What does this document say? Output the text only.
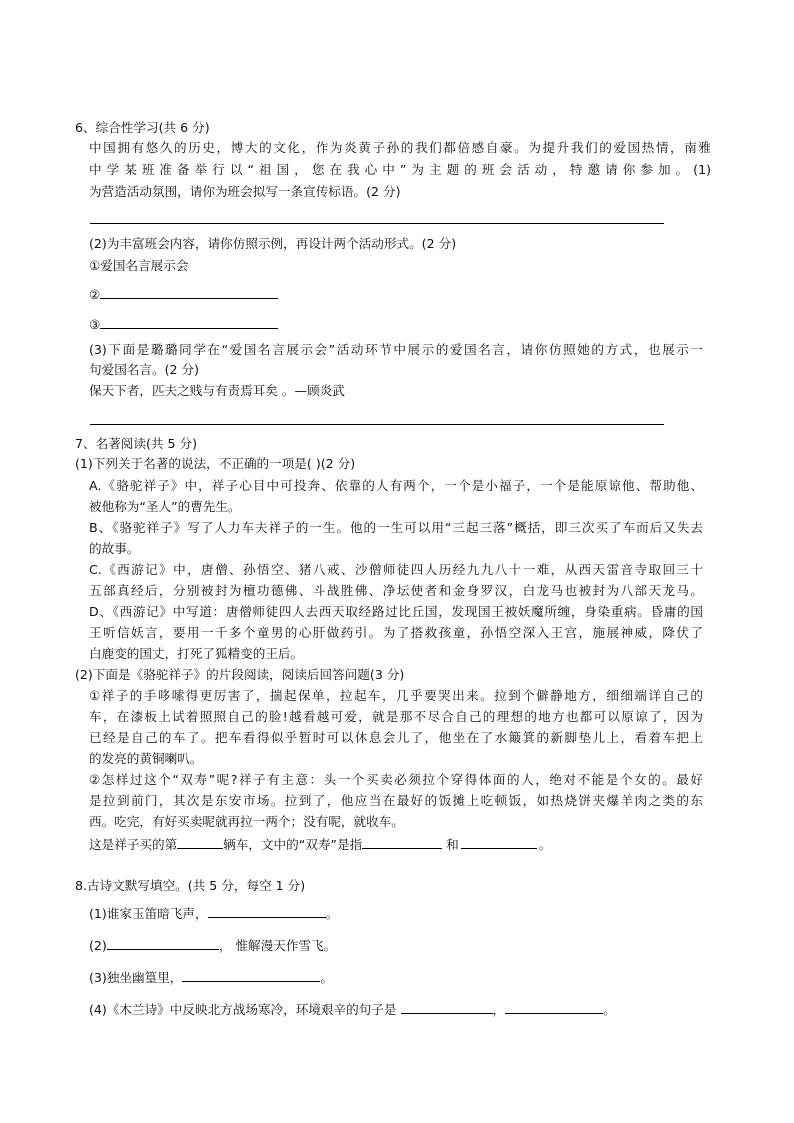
6、综合性学习(共 6 分)
中国拥有悠久的历史，博大的文化，作为炎黄子孙的我们都倍感自豪。为提升我们的爱国热情，南雅
中学某班准备举行以“祖国，您在我心中”为主题的班会活动，特邀请你参加。(1)
为营造活动氛围，请你为班会拟写一条宣传标语。(2 分)
(2)为丰富班会内容，请你仿照示例，再设计两个活动形式。(2 分)
①爱国名言展示会
②
③
(3)下面是璐璐同学在“爱国名言展示会”活动环节中展示的爱国名言，请你仿照她的方式，也展示一
句爱国名言。(2 分)
保天下者，匹夫之贱与有责焉耳矣 。—顾炎武
7、名著阅读(共 5 分)
(1)下列关于名著的说法，不正确的一项是( )(2 分)
A.《骆驼祥子》中，祥子心目中可投奔、依靠的人有两个，一个是小福子，一个是能原谅他、帮助他、
被他称为“圣人”的曹先生。
B、《骆驼祥子》写了人力车夫祥子的一生。他的一生可以用“三起三落”概括，即三次买了车而后又失去
的故事。
C.《西游记》中，唐僧、孙悟空、猪八戒、沙僧师徒四人历经九九八十一难，从西天雷音寺取回三十
五部真经后，分别被封为檀功德佛、斗战胜佛、净坛使者和金身罗汉，白龙马也被封为八部天龙马。
D、《西游记》中写道：唐僧师徒四人去西天取经路过比丘国，发现国王被妖魔所缠，身染重病。昏庸的国
王听信妖言，要用一千多个童男的心肝做药引。为了搭救孩童，孙悟空深入王宫，施展神威，降伏了
白鹿变的国丈，打死了狐精变的王后。
(2)下面是《骆驼祥子》的片段阅读，阅读后回答问题(3 分)
①祥子的手哆嗦得更厉害了，揣起保单，拉起车，几乎要哭出来。拉到个僻静地方，细细端详自己的
车，在漆板上试着照照自己的脸!越看越可爱，就是那不尽合自己的理想的地方也都可以原谅了，因为
已经是自己的车了。把车看得似乎暂时可以休息会儿了，他坐在了水簸箕的新脚垫儿上，看着车把上
的发亮的黄铜喇叭。
②怎样过这个“双寿”呢?祥子有主意：头一个买卖必须拉个穿得体面的人，绝对不能是个女的。最好
是拉到前门，其次是东安市场。拉到了，他应当在最好的饭摊上吃顿饭，如热烧饼夹爆羊肉之类的东
西。吃完，有好买卖呢就再拉一两个；没有呢，就收车。
这是祥子买的第	辆车，文中的“双寿”是指	和	。
8.古诗文默写填空。(共 5 分，每空 1 分)
(1)谁家玉笛暗飞声，	。
(2)	， 惟解漫天作雪飞。
(3)独坐幽篁里，	。
(4)《木兰诗》中反映北方战场寒冷，环境艰辛的句子是	，	。
